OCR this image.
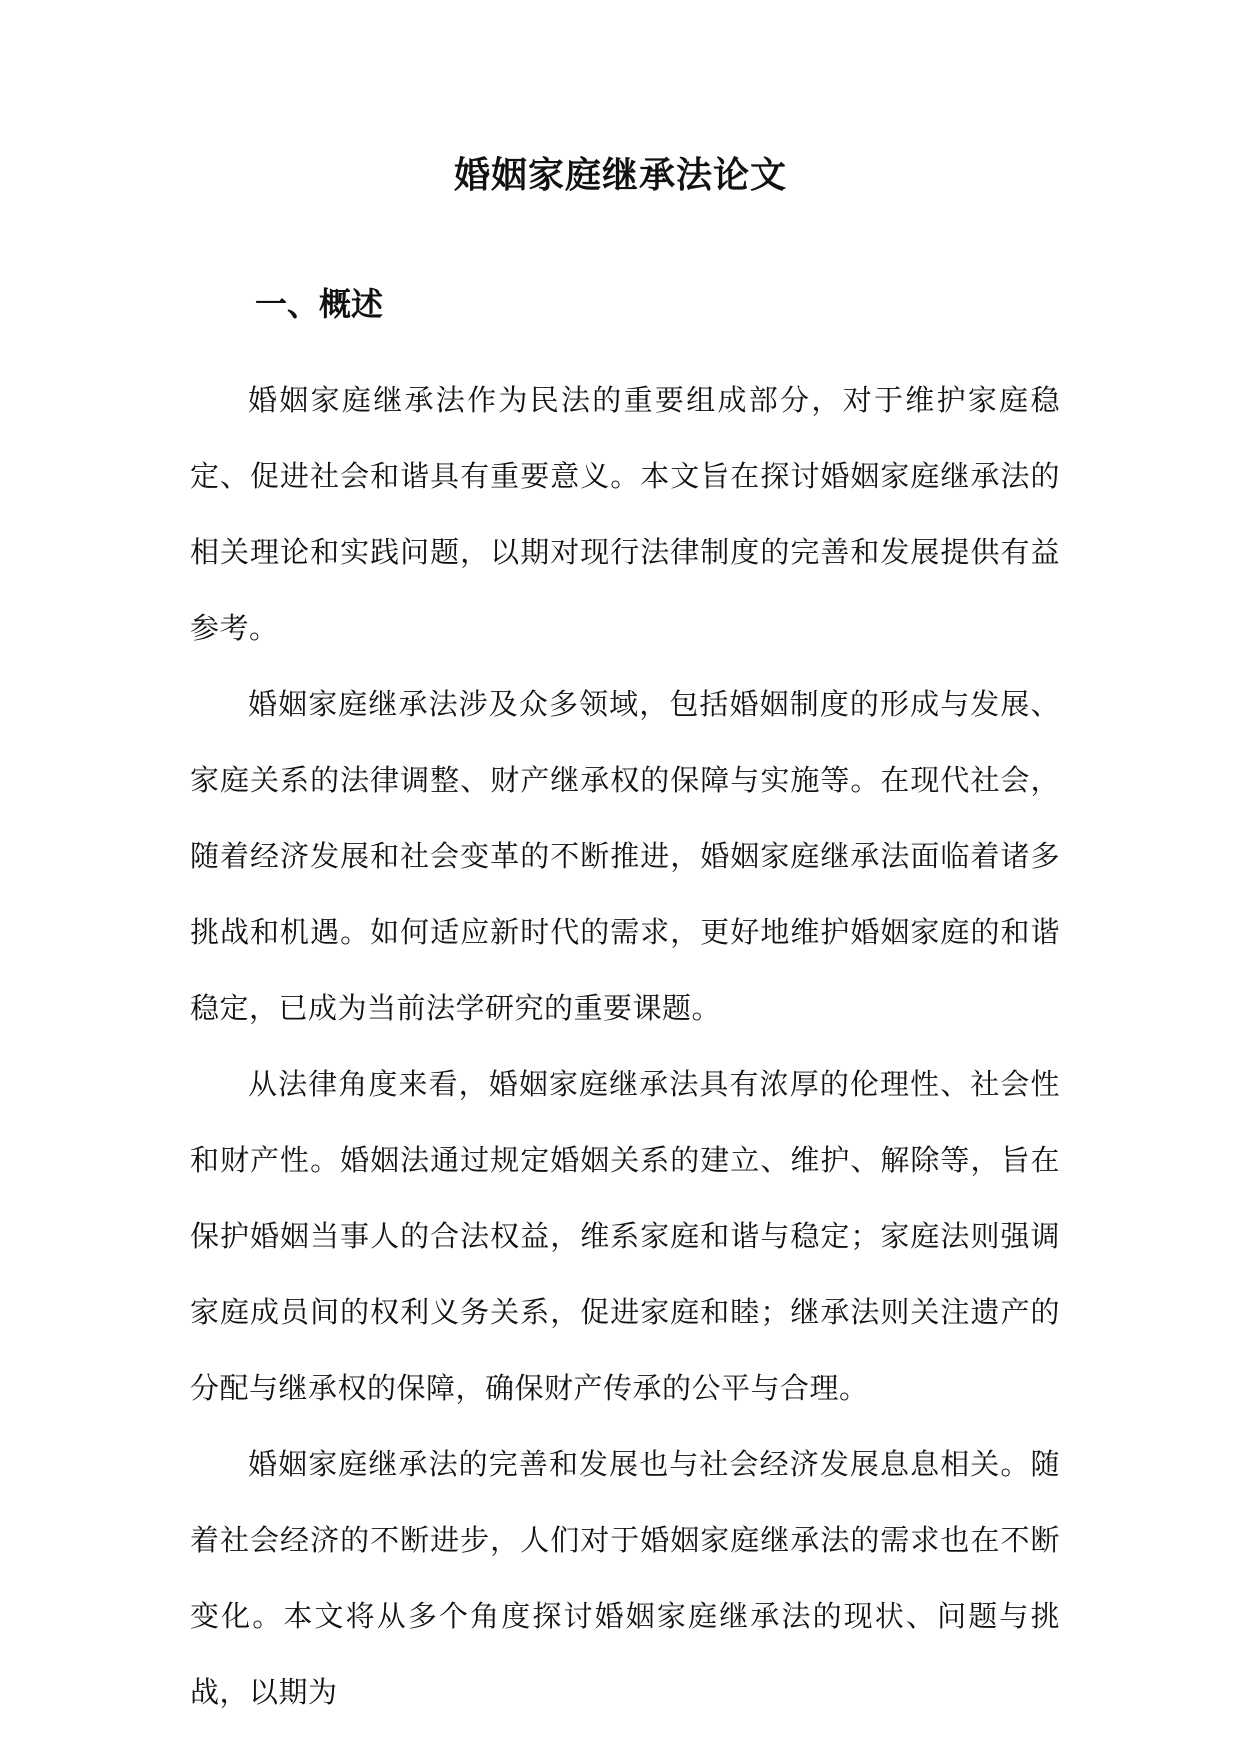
婚姻家庭继承法论文
一、概述

婚姻家庭继承法作为民法的重要组成部分，对于维护家庭稳定、促进社会和谐具有重要意义。本文旨在探讨婚姻家庭继承法的相关理论和实践问题，以期对现行法律制度的完善和发展提供有益参考。

婚姻家庭继承法涉及众多领域，包括婚姻制度的形成与发展、家庭关系的法律调整、财产继承权的保障与实施等。在现代社会，随着经济发展和社会变革的不断推进，婚姻家庭继承法面临着诸多挑战和机遇。如何适应新时代的需求，更好地维护婚姻家庭的和谐稳定，已成为当前法学研究的重要课题。

从法律角度来看，婚姻家庭继承法具有浓厚的伦理性、社会性和财产性。婚姻法通过规定婚姻关系的建立、维护、解除等，旨在保护婚姻当事人的合法权益，维系家庭和谐与稳定；家庭法则强调家庭成员间的权利义务关系，促进家庭和睦；继承法则关注遗产的分配与继承权的保障，确保财产传承的公平与合理。

婚姻家庭继承法的完善和发展也与社会经济发展息息相关。随着社会经济的不断进步，人们对于婚姻家庭继承法的需求也在不断变化。本文将从多个角度探讨婚姻家庭继承法的现状、问题与挑战，以期为
